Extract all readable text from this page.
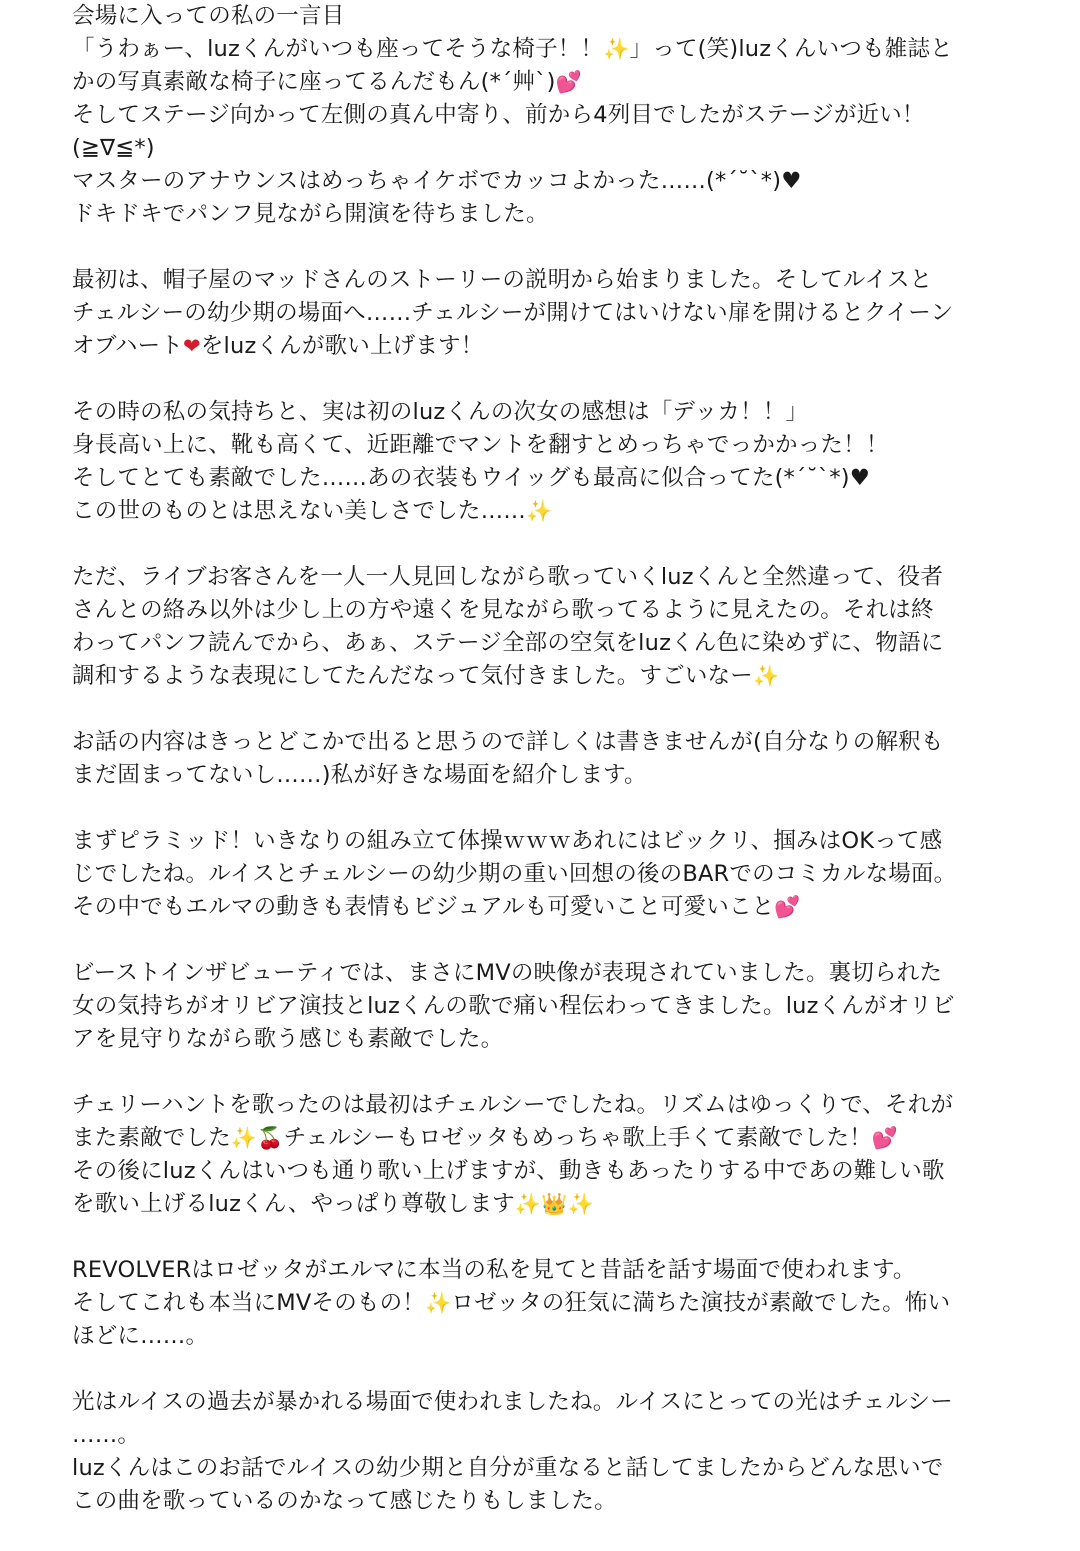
会場に入っての私の一言目
「うわぁー、luzくんがいつも座ってそうな椅子！！✨」って(笑)luzくんいつも雑誌と
かの写真素敵な椅子に座ってるんだもん(*´艸`)💕
そしてステージ向かって左側の真ん中寄り、前から4列目でしたがステージが近い！
(≧∇≦*)
マスターのアナウンスはめっちゃイケボでカッコよかった……(*´˘`*)♥
ドキドキでパンフ見ながら開演を待ちました。
最初は、帽子屋のマッドさんのストーリーの説明から始まりました。そしてルイスと
チェルシーの幼少期の場面へ……チェルシーが開けてはいけない扉を開けるとクイーン
オブハート❤をluzくんが歌い上げます！
その時の私の気持ちと、実は初のluzくんの次女の感想は「デッカ！！」
身長高い上に、靴も高くて、近距離でマントを翻すとめっちゃでっかかった！！
そしてとても素敵でした……あの衣装もウイッグも最高に似合ってた(*´˘`*)♥
この世のものとは思えない美しさでした……✨
ただ、ライブお客さんを一人一人見回しながら歌っていくluzくんと全然違って、役者
さんとの絡み以外は少し上の方や遠くを見ながら歌ってるように見えたの。それは終
わってパンフ読んでから、あぁ、ステージ全部の空気をluzくん色に染めずに、物語に
調和するような表現にしてたんだなって気付きました。すごいなー✨
お話の内容はきっとどこかで出ると思うので詳しくは書きませんが(自分なりの解釈も
まだ固まってないし……)私が好きな場面を紹介します。
まずピラミッド！いきなりの組み立て体操ｗｗｗあれにはビックリ、掴みはOKって感
じでしたね。ルイスとチェルシーの幼少期の重い回想の後のBARでのコミカルな場面。
その中でもエルマの動きも表情もビジュアルも可愛いこと可愛いこと💕
ビーストインザビューティでは、まさにMVの映像が表現されていました。裏切られた
女の気持ちがオリビア演技とluzくんの歌で痛い程伝わってきました。luzくんがオリビ
アを見守りながら歌う感じも素敵でした。
チェリーハントを歌ったのは最初はチェルシーでしたね。リズムはゆっくりで、それが
また素敵でした✨🍒チェルシーもロゼッタもめっちゃ歌上手くて素敵でした！💕
その後にluzくんはいつも通り歌い上げますが、動きもあったりする中であの難しい歌
を歌い上げるluzくん、やっぱり尊敬します✨👑✨
REVOLVERはロゼッタがエルマに本当の私を見てと昔話を話す場面で使われます。
そしてこれも本当にMVそのもの！✨ロゼッタの狂気に満ちた演技が素敵でした。怖い
ほどに……。
光はルイスの過去が暴かれる場面で使われましたね。ルイスにとっての光はチェルシー
……。
luzくんはこのお話でルイスの幼少期と自分が重なると話してましたからどんな思いで
この曲を歌っているのかなって感じたりもしました。
